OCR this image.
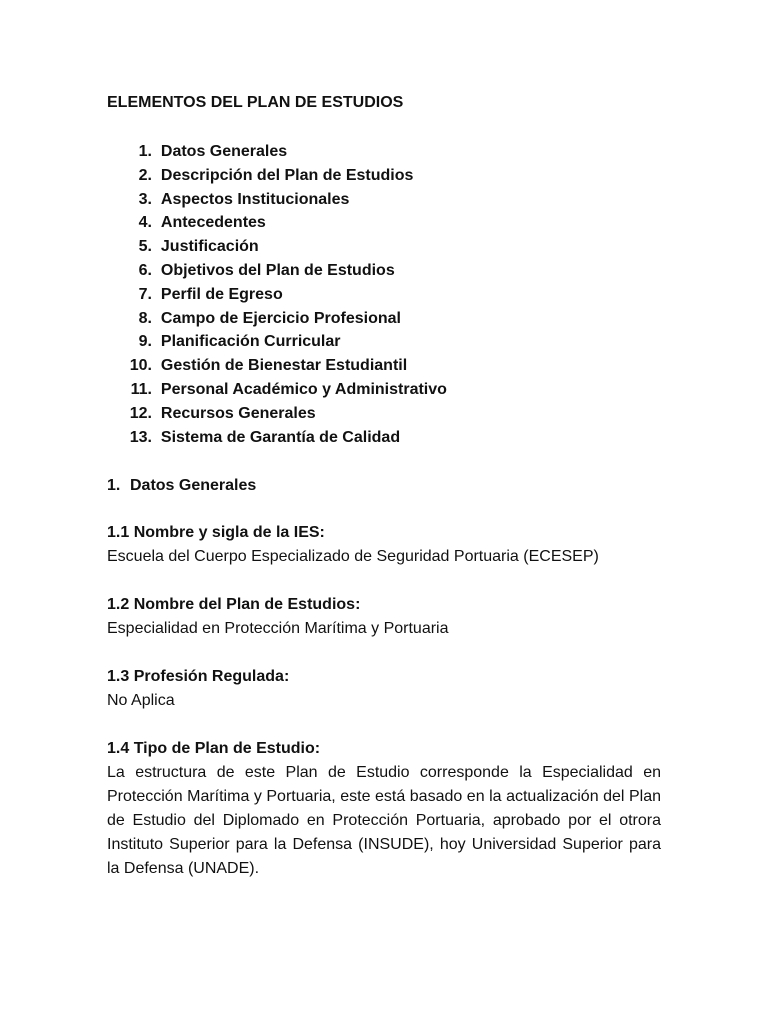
ELEMENTOS DEL PLAN DE ESTUDIOS
1.
Datos Generales
2.
Descripción del Plan de Estudios
3.
Aspectos Institucionales
4.
Antecedentes
5.
Justificación
6.
Objetivos del Plan de Estudios
7.
Perfil de Egreso
8.
Campo de Ejercicio Profesional
9.
Planificación Curricular
10.
Gestión de Bienestar Estudiantil
11.
Personal Académico y Administrativo
12.
Recursos Generales
13.
Sistema de Garantía de Calidad
1. Datos Generales

1.1 Nombre y sigla de la IES:

Escuela del Cuerpo Especializado de Seguridad Portuaria (ECESEP)

1.2 Nombre del Plan de Estudios:

Especialidad en Protección Marítima y Portuaria

1.3 Profesión Regulada:

No Aplica

1.4 Tipo de Plan de Estudio:

La estructura de este Plan de Estudio corresponde la Especialidad en Protección Marítima y Portuaria, este está basado en la actualización del Plan de Estudio del Diplomado en Protección Portuaria, aprobado por el otrora Instituto Superior para la Defensa (INSUDE), hoy Universidad Superior para la Defensa (UNADE).
